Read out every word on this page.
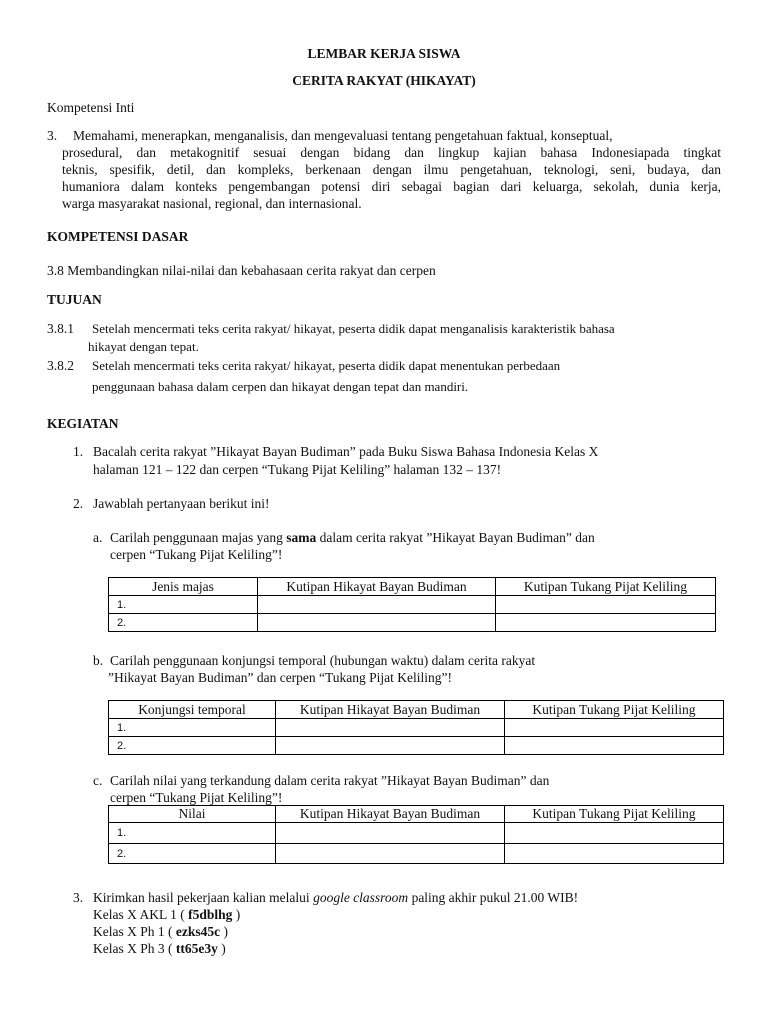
LEMBAR KERJA SISWA
CERITA RAKYAT (HIKAYAT)
Kompetensi Inti
3. Memahami, menerapkan, menganalisis, dan mengevaluasi tentang pengetahuan faktual, konseptual,
prosedural, dan metakognitif sesuai dengan bidang dan lingkup kajian bahasa Indonesiapada tingkat
teknis, spesifik, detil, dan kompleks, berkenaan dengan ilmu pengetahuan, teknologi, seni, budaya, dan
humaniora dalam konteks pengembangan potensi diri sebagai bagian dari keluarga, sekolah, dunia kerja,
warga masyarakat nasional, regional, dan internasional.
KOMPETENSI DASAR
3.8 Membandingkan nilai-nilai dan kebahasaan cerita rakyat dan cerpen
TUJUAN
3.8.1 Setelah mencermati teks cerita rakyat/ hikayat, peserta didik dapat menganalisis karakteristik bahasa
hikayat dengan tepat.
3.8.2 Setelah mencermati teks cerita rakyat/ hikayat, peserta didik dapat menentukan perbedaan
penggunaan bahasa dalam cerpen dan hikayat dengan tepat dan mandiri.
KEGIATAN
1. Bacalah cerita rakyat ”Hikayat Bayan Budiman” pada Buku Siswa Bahasa Indonesia Kelas X
halaman 121 – 122 dan cerpen “Tukang Pijat Keliling” halaman 132 – 137!
2. Jawablah pertanyaan berikut ini!
a. Carilah penggunaan majas yang sama dalam cerita rakyat ”Hikayat Bayan Budiman” dan
cerpen “Tukang Pijat Keliling”!
Jenis majas	Kutipan Hikayat Bayan Budiman	Kutipan Tukang Pijat Keliling
1.		
2.		
b. Carilah penggunaan konjungsi temporal (hubungan waktu) dalam cerita rakyat
”Hikayat Bayan Budiman” dan cerpen “Tukang Pijat Keliling”!
Konjungsi temporal	Kutipan Hikayat Bayan Budiman	Kutipan Tukang Pijat Keliling
1.		
2.		
c. Carilah nilai yang terkandung dalam cerita rakyat ”Hikayat Bayan Budiman” dan
cerpen “Tukang Pijat Keliling”!
Nilai	Kutipan Hikayat Bayan Budiman	Kutipan Tukang Pijat Keliling
1.		
2.		
3. Kirimkan hasil pekerjaan kalian melalui google classroom paling akhir pukul 21.00 WIB!
Kelas X AKL 1 ( f5dblhg )
Kelas X Ph 1 ( ezks45c )
Kelas X Ph 3 ( tt65e3y )
